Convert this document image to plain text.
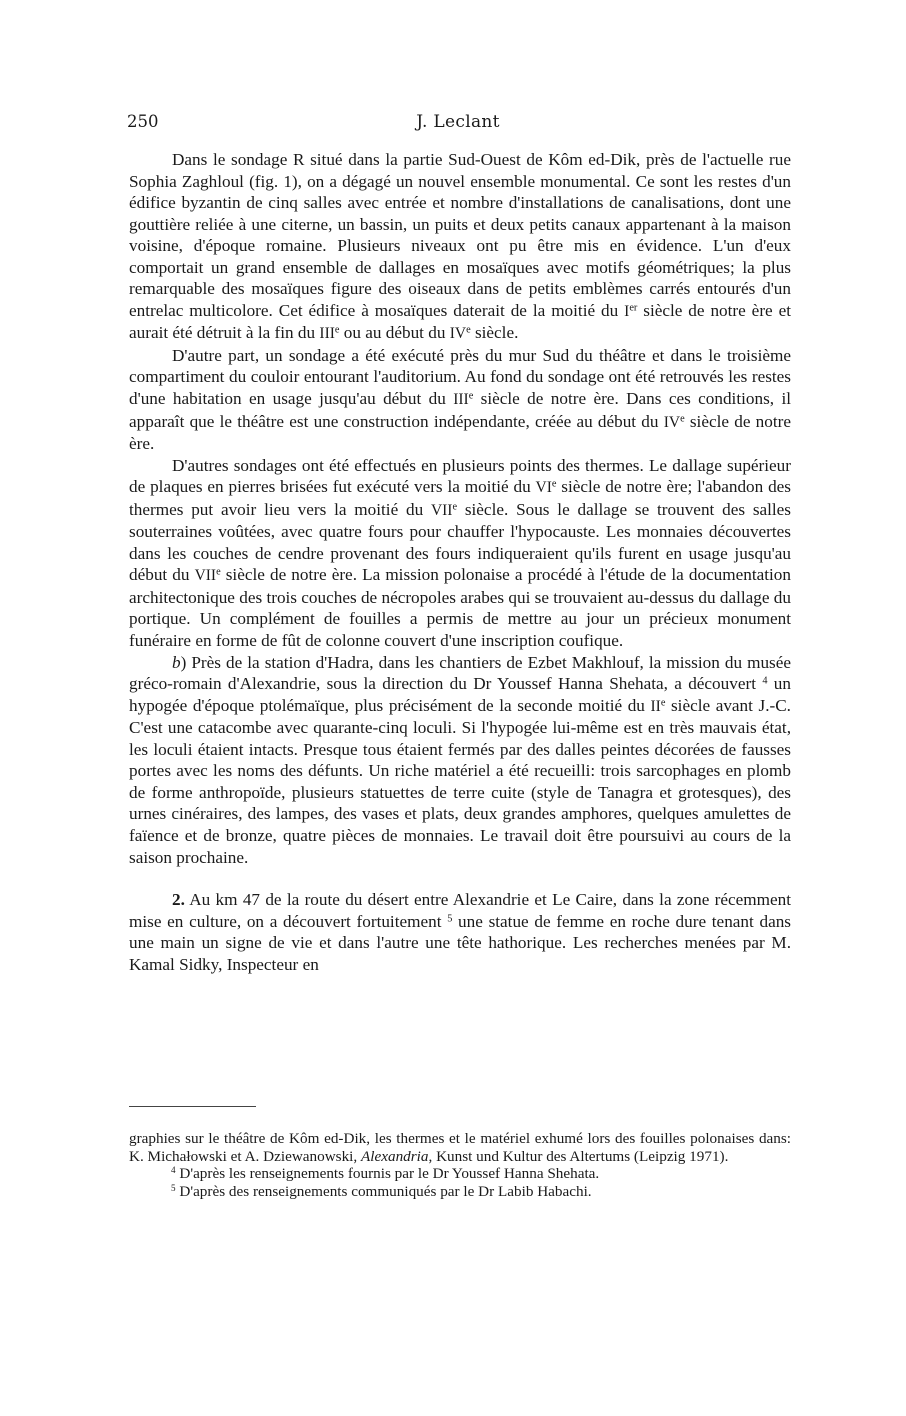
250	J. Leclant

Dans le sondage R situé dans la partie Sud-Ouest de Kôm ed-Dik, près de l'actuelle rue Sophia Zaghloul (fig. 1), on a dégagé un nouvel ensemble monumental. Ce sont les restes d'un édifice byzantin de cinq salles avec entrée et nombre d'installations de canalisations, dont une gouttière reliée à une citerne, un bassin, un puits et deux petits canaux appartenant à la maison voisine, d'époque romaine. Plusieurs niveaux ont pu être mis en évidence. L'un d'eux comportait un grand ensemble de dallages en mosaïques avec motifs géométriques; la plus remarquable des mosaïques figure des oiseaux dans de petits emblèmes carrés entourés d'un entrelac multicolore. Cet édifice à mosaïques daterait de la moitié du Ier siècle de notre ère et aurait été détruit à la fin du IIIe ou au début du IVe siècle.

D'autre part, un sondage a été exécuté près du mur Sud du théâtre et dans le troisième compartiment du couloir entourant l'auditorium. Au fond du sondage ont été retrouvés les restes d'une habitation en usage jusqu'au début du IIIe siècle de notre ère. Dans ces conditions, il apparaît que le théâtre est une construction indépendante, créée au début du IVe siècle de notre ère.

D'autres sondages ont été effectués en plusieurs points des thermes. Le dallage supérieur de plaques en pierres brisées fut exécuté vers la moitié du VIe siècle de notre ère; l'abandon des thermes put avoir lieu vers la moitié du VIIe siècle. Sous le dallage se trouvent des salles souterraines voûtées, avec quatre fours pour chauffer l'hypocauste. Les monnaies découvertes dans les couches de cendre provenant des fours indiqueraient qu'ils furent en usage jusqu'au début du VIIe siècle de notre ère. La mission polonaise a procédé à l'étude de la documentation architectonique des trois couches de nécropoles arabes qui se trouvaient au-dessus du dallage du portique. Un complément de fouilles a permis de mettre au jour un précieux monument funéraire en forme de fût de colonne couvert d'une inscription coufique.

b) Près de la station d'Hadra, dans les chantiers de Ezbet Makhlouf, la mission du musée gréco-romain d'Alexandrie, sous la direction du Dr Youssef Hanna Shehata, a découvert $^4$ un hypogée d'époque ptolémaïque, plus précisément de la seconde moitié du IIe siècle avant J.-C. C'est une catacombe avec quarante-cinq loculi. Si l'hypogée lui-même est en très mauvais état, les loculi étaient intacts. Presque tous étaient fermés par des dalles peintes décorées de fausses portes avec les noms des défunts. Un riche matériel a été recueilli: trois sarcophages en plomb de forme anthropoïde, plusieurs statuettes de terre cuite (style de Tanagra et grotesques), des urnes cinéraires, des lampes, des vases et plats, deux grandes amphores, quelques amulettes de faïence et de bronze, quatre pièces de monnaies. Le travail doit être poursuivi au cours de la saison prochaine.

2. Au km 47 de la route du désert entre Alexandrie et Le Caire, dans la zone récemment mise en culture, on a découvert fortuitement $^5$ une statue de femme en roche dure tenant dans une main un signe de vie et dans l'autre une tête hathorique. Les recherches menées par M. Kamal Sidky, Inspecteur en

graphies sur le théâtre de Kôm ed-Dik, les thermes et le matériel exhumé lors des fouilles polonaises dans: K. Michałowski et A. Dziewanowski, Alexandria, Kunst und Kultur des Altertums (Leipzig 1971).

$^4$ D'après les renseignements fournis par le Dr Youssef Hanna Shehata.

$^5$ D'après des renseignements communiqués par le Dr Labib Habachi.
